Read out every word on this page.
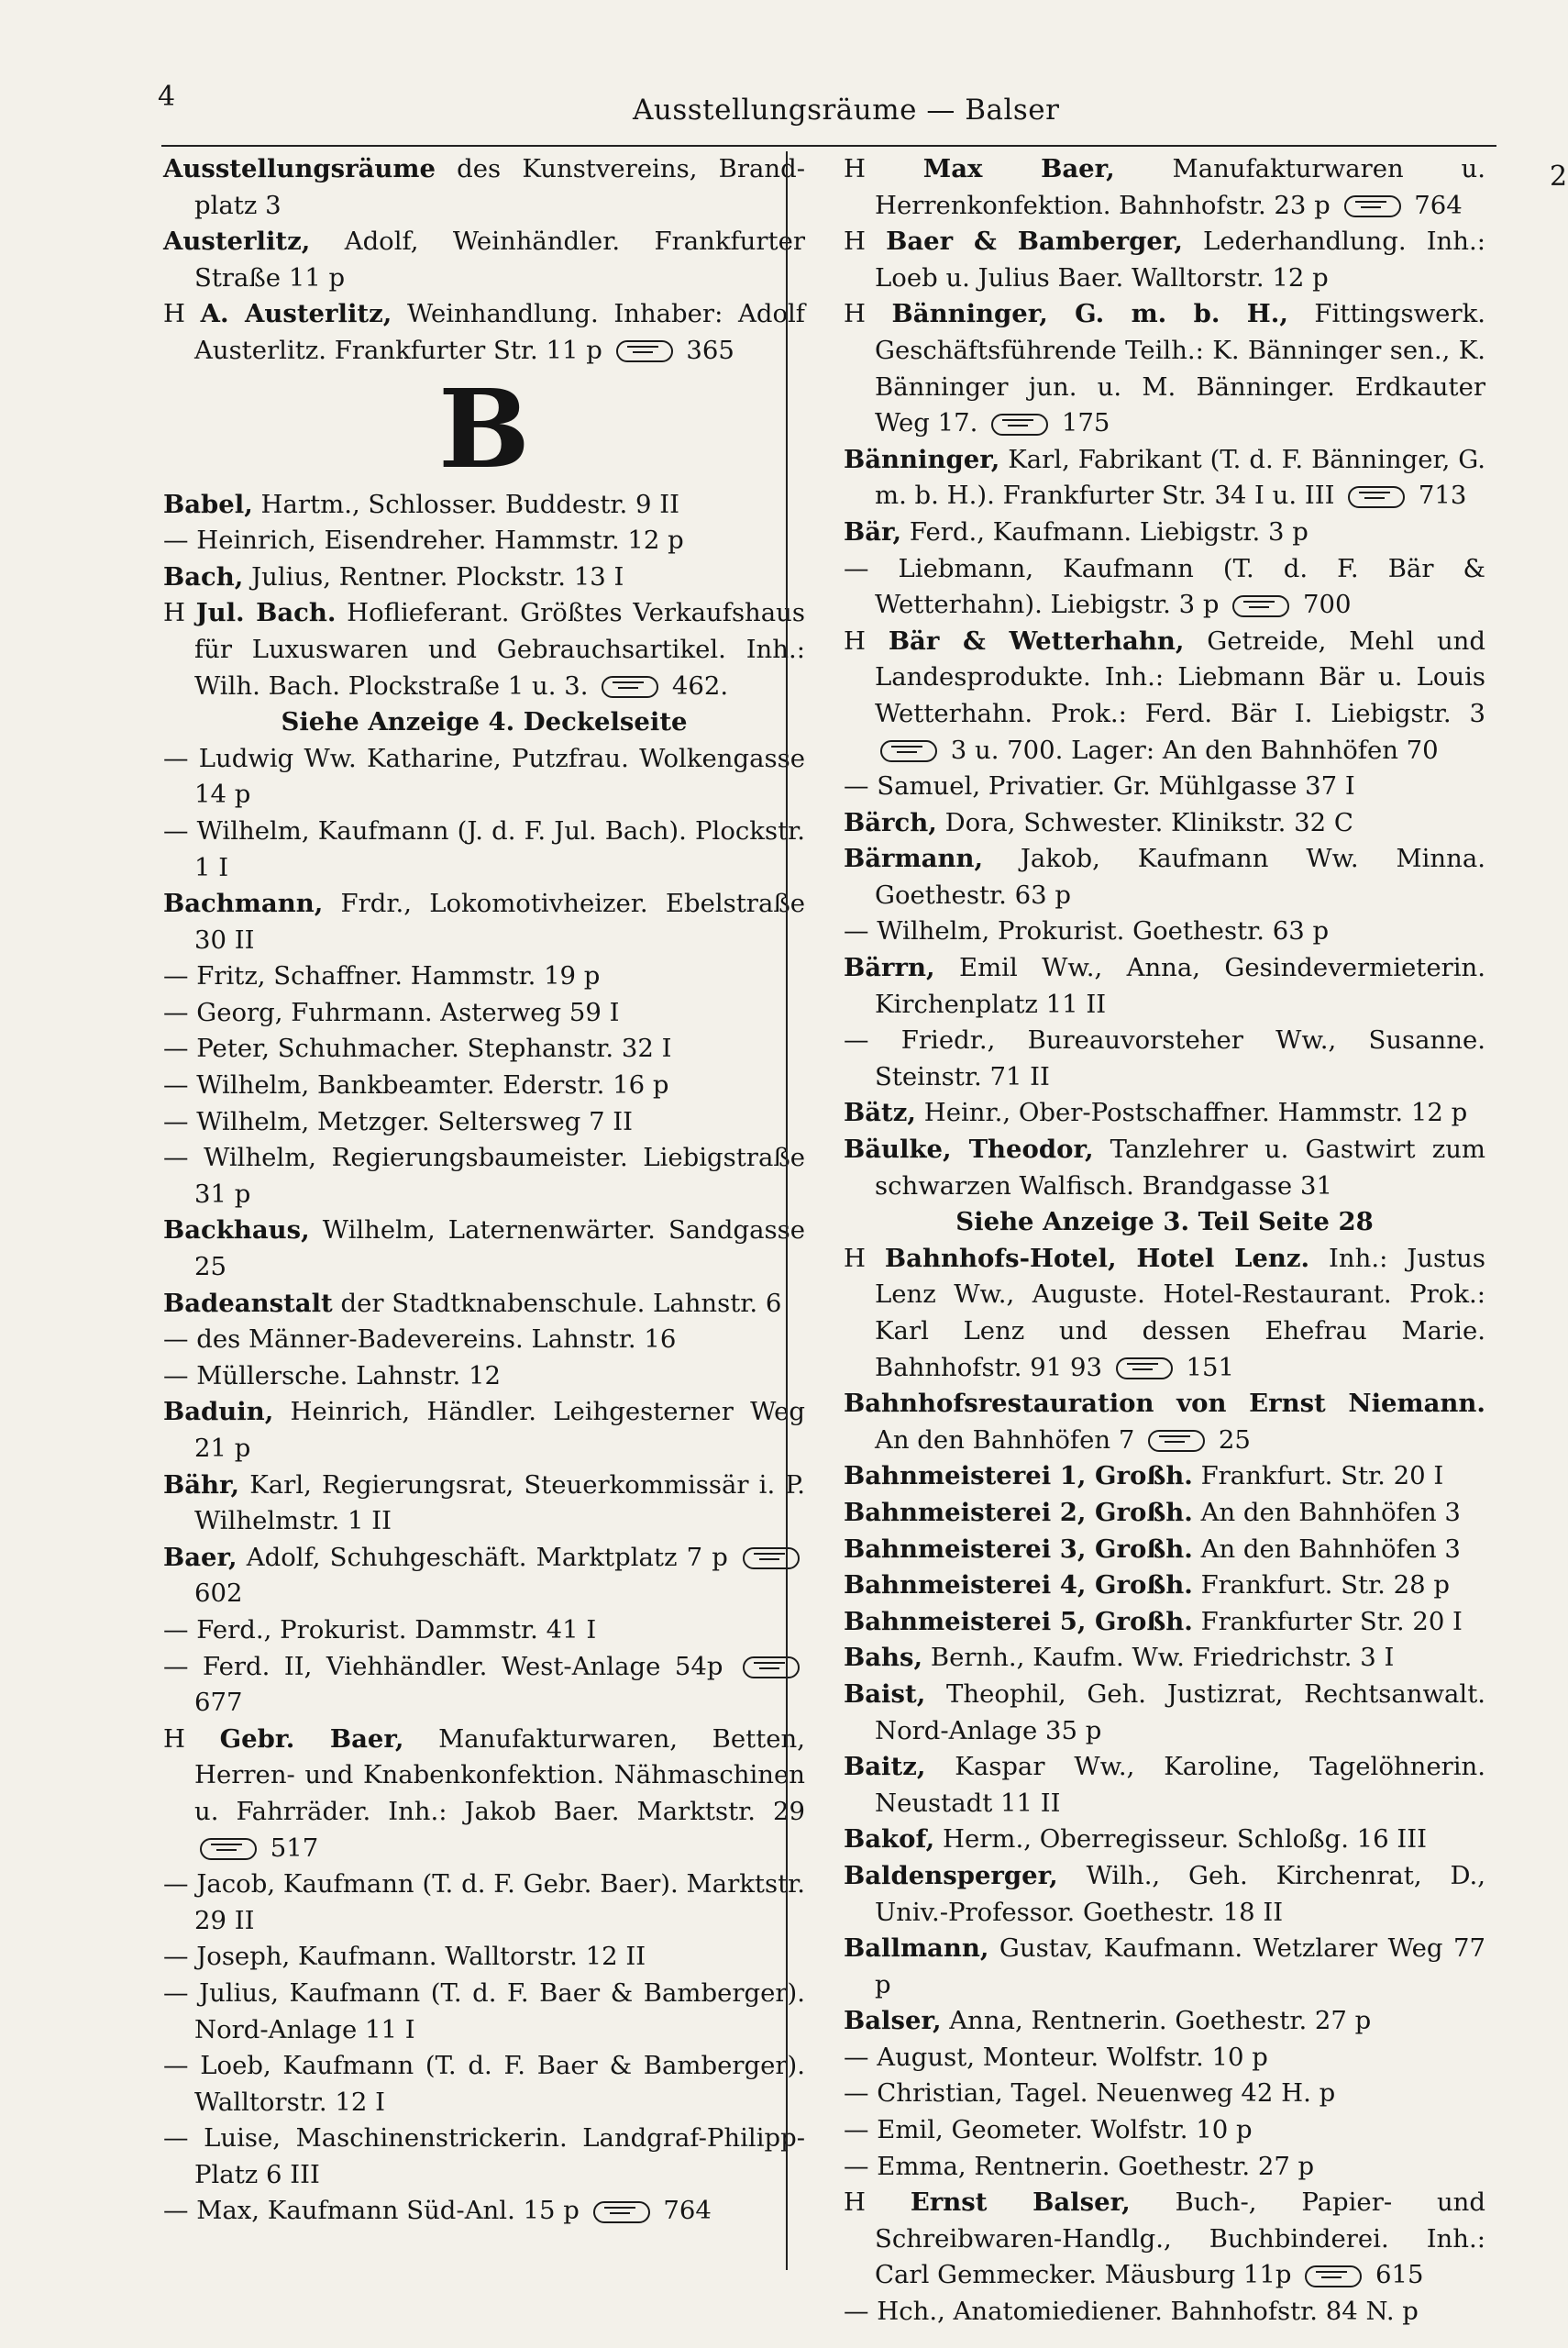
4	Ausstellungsräume — Balser
Ausstellungsräume des Kunstvereins, Brand-platz 3
Austerlitz, Adolf, Weinhändler. Frankfurter Straße 11 p
H A. Austerlitz, Weinhandlung. Inhaber: Adolf Austerlitz. Frankfurter Str. 11 p	365
B
Babel, Hartm., Schlosser. Buddestr. 9 II
— Heinrich, Eisendreher. Hammstr. 12 p
Bach, Julius, Rentner. Plockstr. 13 I
H Jul. Bach. Hoflieferant. Größtes Verkaufshaus für Luxuswaren und Gebrauchsartikel. Inh.: Wilh. Bach. Plockstraße 1 u. 3.	462.
Siehe Anzeige 4. Deckelseite
— Ludwig Ww. Katharine, Putzfrau. Wolkengasse 14 p
— Wilhelm, Kaufmann (J. d. F. Jul. Bach). Plockstr. 1 I
Bachmann, Frdr., Lokomotivheizer. Ebelstraße 30 II
— Fritz, Schaffner. Hammstr. 19 p
— Georg, Fuhrmann. Asterweg 59 I
— Peter, Schuhmacher. Stephanstr. 32 I
— Wilhelm, Bankbeamter. Ederstr. 16 p
— Wilhelm, Metzger. Seltersweg 7 II
— Wilhelm, Regierungsbaumeister. Liebigstraße 31 p
Backhaus, Wilhelm, Laternenwärter. Sandgasse 25
Badeanstalt der Stadtknabenschule. Lahnstr. 6
— des Männer-Badevereins. Lahnstr. 16
— Müllersche. Lahnstr. 12
Baduin, Heinrich, Händler. Leihgesterner Weg 21 p
Bähr, Karl, Regierungsrat, Steuerkommissär i. P. Wilhelmstr. 1 II
Baer, Adolf, Schuhgeschäft. Marktplatz 7 p  602
— Ferd., Prokurist. Dammstr. 41 I
— Ferd. II, Viehhändler. West-Anlage 54p  677
H Gebr. Baer, Manufakturwaren, Betten, Herren- und Knabenkonfektion. Nähmaschinen u. Fahrräder. Inh.: Jakob Baer. Marktstr. 29  517
— Jacob, Kaufmann (T. d. F. Gebr. Baer). Marktstr. 29 II
— Joseph, Kaufmann. Walltorstr. 12 II
— Julius, Kaufmann (T. d. F. Baer & Bamberger). Nord-Anlage 11 I
— Loeb, Kaufmann (T. d. F. Baer & Bamberger). Walltorstr. 12 I
— Luise, Maschinenstrickerin. Landgraf-Philipp-Platz 6 III
— Max, Kaufmann Süd-Anl. 15 p	764
H Max Baer, Manufakturwaren u. Herrenkonfektion. Bahnhofstr. 23 p	764
H Baer & Bamberger, Lederhandlung. Inh.: Loeb u. Julius Baer. Walltorstr. 12 p
H Bänninger, G. m. b. H., Fittingswerk. Geschäftsführende Teilh.: K. Bänninger sen., K. Bänninger jun. u. M. Bänninger. Erdkauter Weg 17.	175
Bänninger, Karl, Fabrikant (T. d. F. Bänninger, G. m. b. H.). Frankfurter Str. 34 I u. III	713
Bär, Ferd., Kaufmann. Liebigstr. 3 p
— Liebmann, Kaufmann (T. d. F. Bär & Wetterhahn). Liebigstr. 3 p	700
H Bär & Wetterhahn, Getreide, Mehl und Landesprodukte. Inh.: Liebmann Bär u. Louis Wetterhahn. Prok.: Ferd. Bär I. Liebigstr. 3  3 u. 700. Lager: An den Bahnhöfen 70
— Samuel, Privatier. Gr. Mühlgasse 37 I
Bärch, Dora, Schwester. Klinikstr. 32 C
Bärmann, Jakob, Kaufmann Ww. Minna. Goethestr. 63 p
— Wilhelm, Prokurist. Goethestr. 63 p
Bärrn, Emil Ww., Anna, Gesindevermieterin. Kirchenplatz 11 II
— Friedr., Bureauvorsteher Ww., Susanne. Steinstr. 71 II
Bätz, Heinr., Ober-Postschaffner. Hammstr. 12 p
Bäulke, Theodor, Tanzlehrer u. Gastwirt zum schwarzen Walfisch. Brandgasse 31
Siehe Anzeige 3. Teil Seite 28
H Bahnhofs-Hotel, Hotel Lenz. Inh.: Justus Lenz Ww., Auguste. Hotel-Restaurant. Prok.: Karl Lenz und dessen Ehefrau Marie. Bahnhofstr. 91 93	151
Bahnhofsrestauration von Ernst Niemann. An den Bahnhöfen 7	25
Bahnmeisterei 1, Großh. Frankfurt. Str. 20 I
Bahnmeisterei 2, Großh. An den Bahnhöfen 3
Bahnmeisterei 3, Großh. An den Bahnhöfen 3
Bahnmeisterei 4, Großh. Frankfurt. Str. 28 p
Bahnmeisterei 5, Großh. Frankfurter Str. 20 I
Bahs, Bernh., Kaufm. Ww. Friedrichstr. 3 I
Baist, Theophil, Geh. Justizrat, Rechtsanwalt. Nord-Anlage 35 p
Baitz, Kaspar Ww., Karoline, Tagelöhnerin. Neustadt 11 II
Bakof, Herm., Oberregisseur. Schloßg. 16 III
Baldensperger, Wilh., Geh. Kirchenrat, D., Univ.-Professor. Goethestr. 18 II
Ballmann, Gustav, Kaufmann. Wetzlarer Weg 77 p
Balser, Anna, Rentnerin. Goethestr. 27 p
— August, Monteur. Wolfstr. 10 p
— Christian, Tagel. Neuenweg 42 H. p
— Emil, Geometer. Wolfstr. 10 p
— Emma, Rentnerin. Goethestr. 27 p
H Ernst Balser, Buch-, Papier- und Schreibwaren-Handlg., Buchbinderei. Inh.: Carl Gemmecker. Mäusburg 11p	615
— Hch., Anatomiediener. Bahnhofstr. 84 N. p
2
